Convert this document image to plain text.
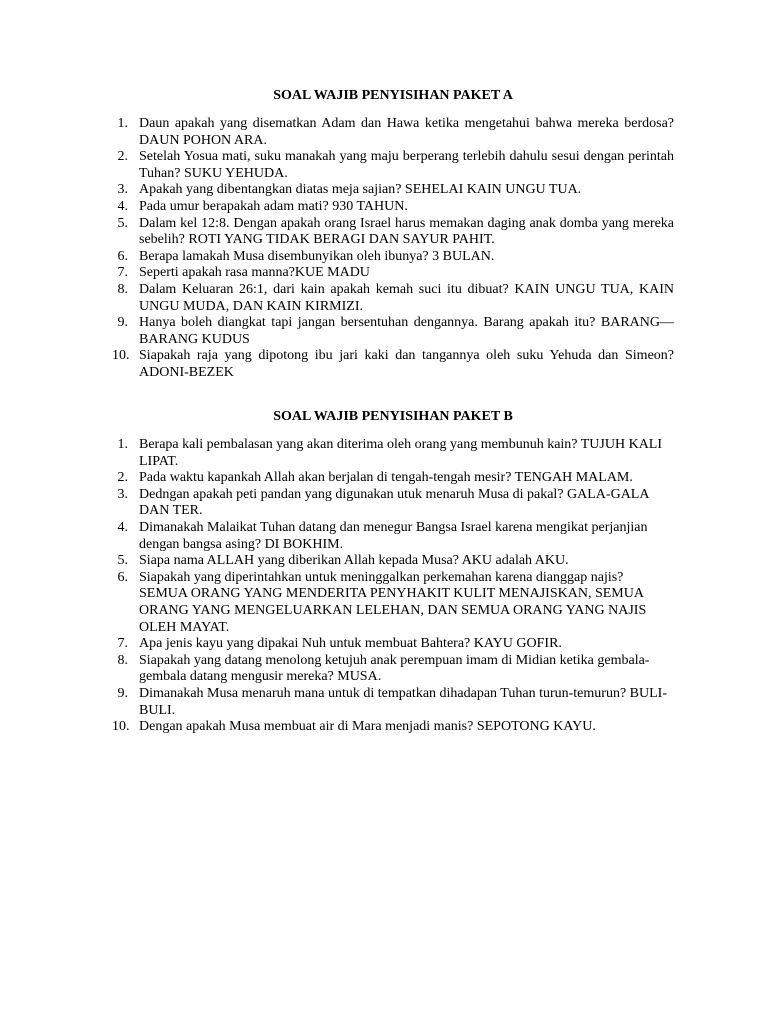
SOAL WAJIB PENYISIHAN PAKET A
1 . Daun apakah yang disematkan Adam dan Hawa ketika mengetahui bahwa mereka berdosa? DAUN POHON ARA.
2 . Setelah Yosua mati, suku manakah yang maju berperang terlebih dahulu sesui dengan perintah Tuhan? SUKU YEHUDA.
3 . Apakah yang dibentangkan diatas meja sajian? SEHELAI KAIN UNGU TUA.
4 . Pada umur berapakah adam mati? 930 TAHUN.
5 . Dalam kel 12:8. Dengan apakah orang Israel harus memakan daging anak domba yang mereka sebelih? ROTI YANG TIDAK BERAGI DAN SAYUR PAHIT.
6 . Berapa lamakah Musa disembunyikan oleh ibunya? 3 BULAN.
7 . Seperti apakah rasa manna?KUE MADU
8 . Dalam Keluaran 26:1, dari kain apakah kemah suci itu dibuat? KAIN UNGU TUA, KAIN UNGU MUDA, DAN KAIN KIRMIZI.
9 . Hanya boleh diangkat tapi jangan bersentuhan dengannya. Barang apakah itu? BARANG—BARANG KUDUS
10 . Siapakah raja yang dipotong ibu jari kaki dan tangannya oleh suku Yehuda dan Simeon? ADONI-BEZEK
SOAL WAJIB PENYISIHAN PAKET B
1 . Berapa kali pembalasan yang akan diterima oleh orang yang membunuh kain? TUJUH KALI LIPAT.
2 . Pada waktu kapankah Allah akan berjalan di tengah-tengah mesir? TENGAH MALAM.
3 . Dedngan apakah peti pandan yang digunakan utuk menaruh Musa di pakal? GALA-GALA DAN TER.
4 . Dimanakah Malaikat Tuhan datang dan menegur Bangsa Israel karena mengikat perjanjian dengan bangsa asing? DI BOKHIM.
5 . Siapa nama ALLAH yang diberikan Allah kepada Musa? AKU adalah AKU.
6 . Siapakah yang diperintahkan untuk meninggalkan perkemahan karena dianggap najis? SEMUA ORANG YANG MENDERITA PENYHAKIT KULIT MENAJISKAN, SEMUA ORANG YANG MENGELUARKAN LELEHAN, DAN SEMUA ORANG YANG NAJIS OLEH MAYAT.
7 . Apa jenis kayu yang dipakai Nuh untuk membuat Bahtera? KAYU GOFIR.
8 . Siapakah yang datang menolong ketujuh anak perempuan imam di Midian ketika gembala-gembala datang mengusir mereka? MUSA.
9 . Dimanakah Musa menaruh mana untuk di tempatkan dihadapan Tuhan turun-temurun? BULI-BULI.
10 . Dengan apakah Musa membuat air di Mara menjadi manis? SEPOTONG KAYU.
